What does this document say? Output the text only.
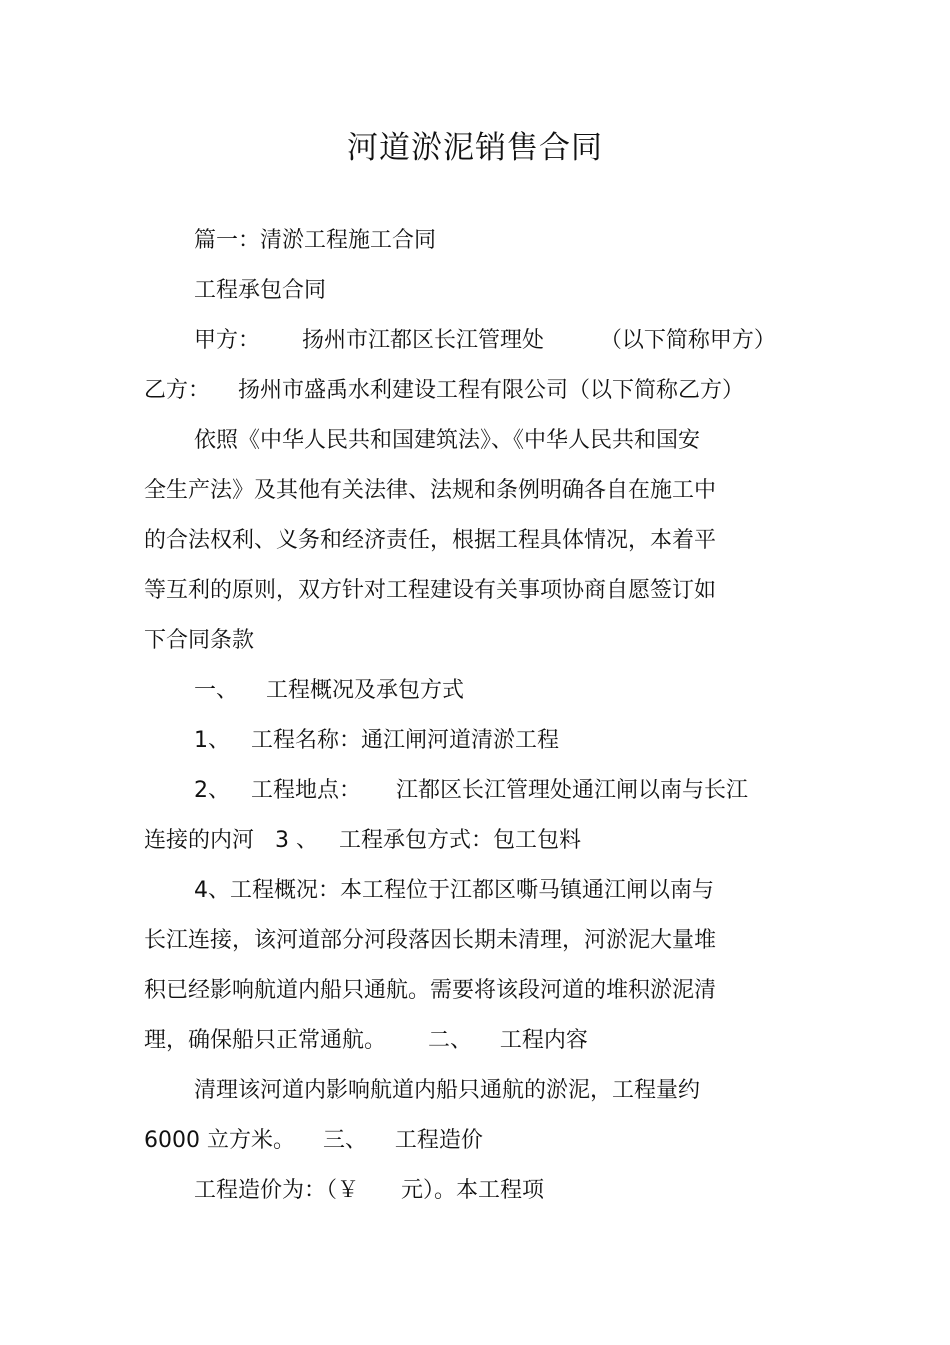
河道淤泥销售合同
篇一：清淤工程施工合同
工程承包合同
甲方：      扬州市江都区长江管理处        （以下简称甲方）
乙方：    扬州市盛禹水利建设工程有限公司（以下简称乙方）
依照《中华人民共和国建筑法》、《中华人民共和国安
全生产法》及其他有关法律、法规和条例明确各自在施工中
的合法权利、义务和经济责任，根据工程具体情况，本着平
等互利的原则，双方针对工程建设有关事项协商自愿签订如
下合同条款
一、    工程概况及承包方式
1、   工程名称：通江闸河道清淤工程
2、   工程地点：     江都区长江管理处通江闸以南与长江
连接的内河   3 、   工程承包方式：包工包料
4、工程概况：本工程位于江都区嘶马镇通江闸以南与
长江连接，该河道部分河段落因长期未清理，河淤泥大量堆
积已经影响航道内船只通航。需要将该段河道的堆积淤泥清
理，确保船只正常通航。      二、    工程内容
清理该河道内影响航道内船只通航的淤泥，工程量约
6000 立方米。    三、    工程造价
工程造价为：（￥      元）。本工程项
